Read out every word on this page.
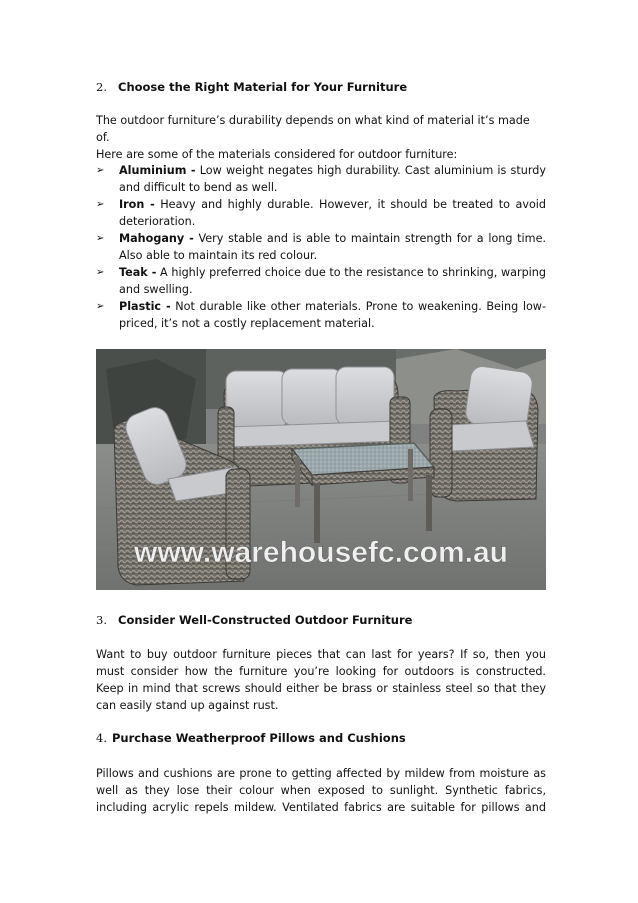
2. Choose the Right Material for Your Furniture
The outdoor furniture’s durability depends on what kind of material it’s made of.
Here are some of the materials considered for outdoor furniture:
➢ Aluminium - Low weight negates high durability. Cast aluminium is sturdy and difficult to bend as well.
➢ Iron - Heavy and highly durable. However, it should be treated to avoid deterioration.
➢ Mahogany - Very stable and is able to maintain strength for a long time. Also able to maintain its red colour.
➢ Teak - A highly preferred choice due to the resistance to shrinking, warping and swelling.
➢ Plastic - Not durable like other materials. Prone to weakening. Being low-priced, it’s not a costly replacement material.
www.warehousefc.com.au
3. Consider Well-Constructed Outdoor Furniture
Want to buy outdoor furniture pieces that can last for years? If so, then you must consider how the furniture you’re looking for outdoors is constructed. Keep in mind that screws should either be brass or stainless steel so that they can easily stand up against rust.
4. Purchase Weatherproof Pillows and Cushions
Pillows and cushions are prone to getting affected by mildew from moisture as well as they lose their colour when exposed to sunlight. Synthetic fabrics, including acrylic repels mildew. Ventilated fabrics are suitable for pillows and
